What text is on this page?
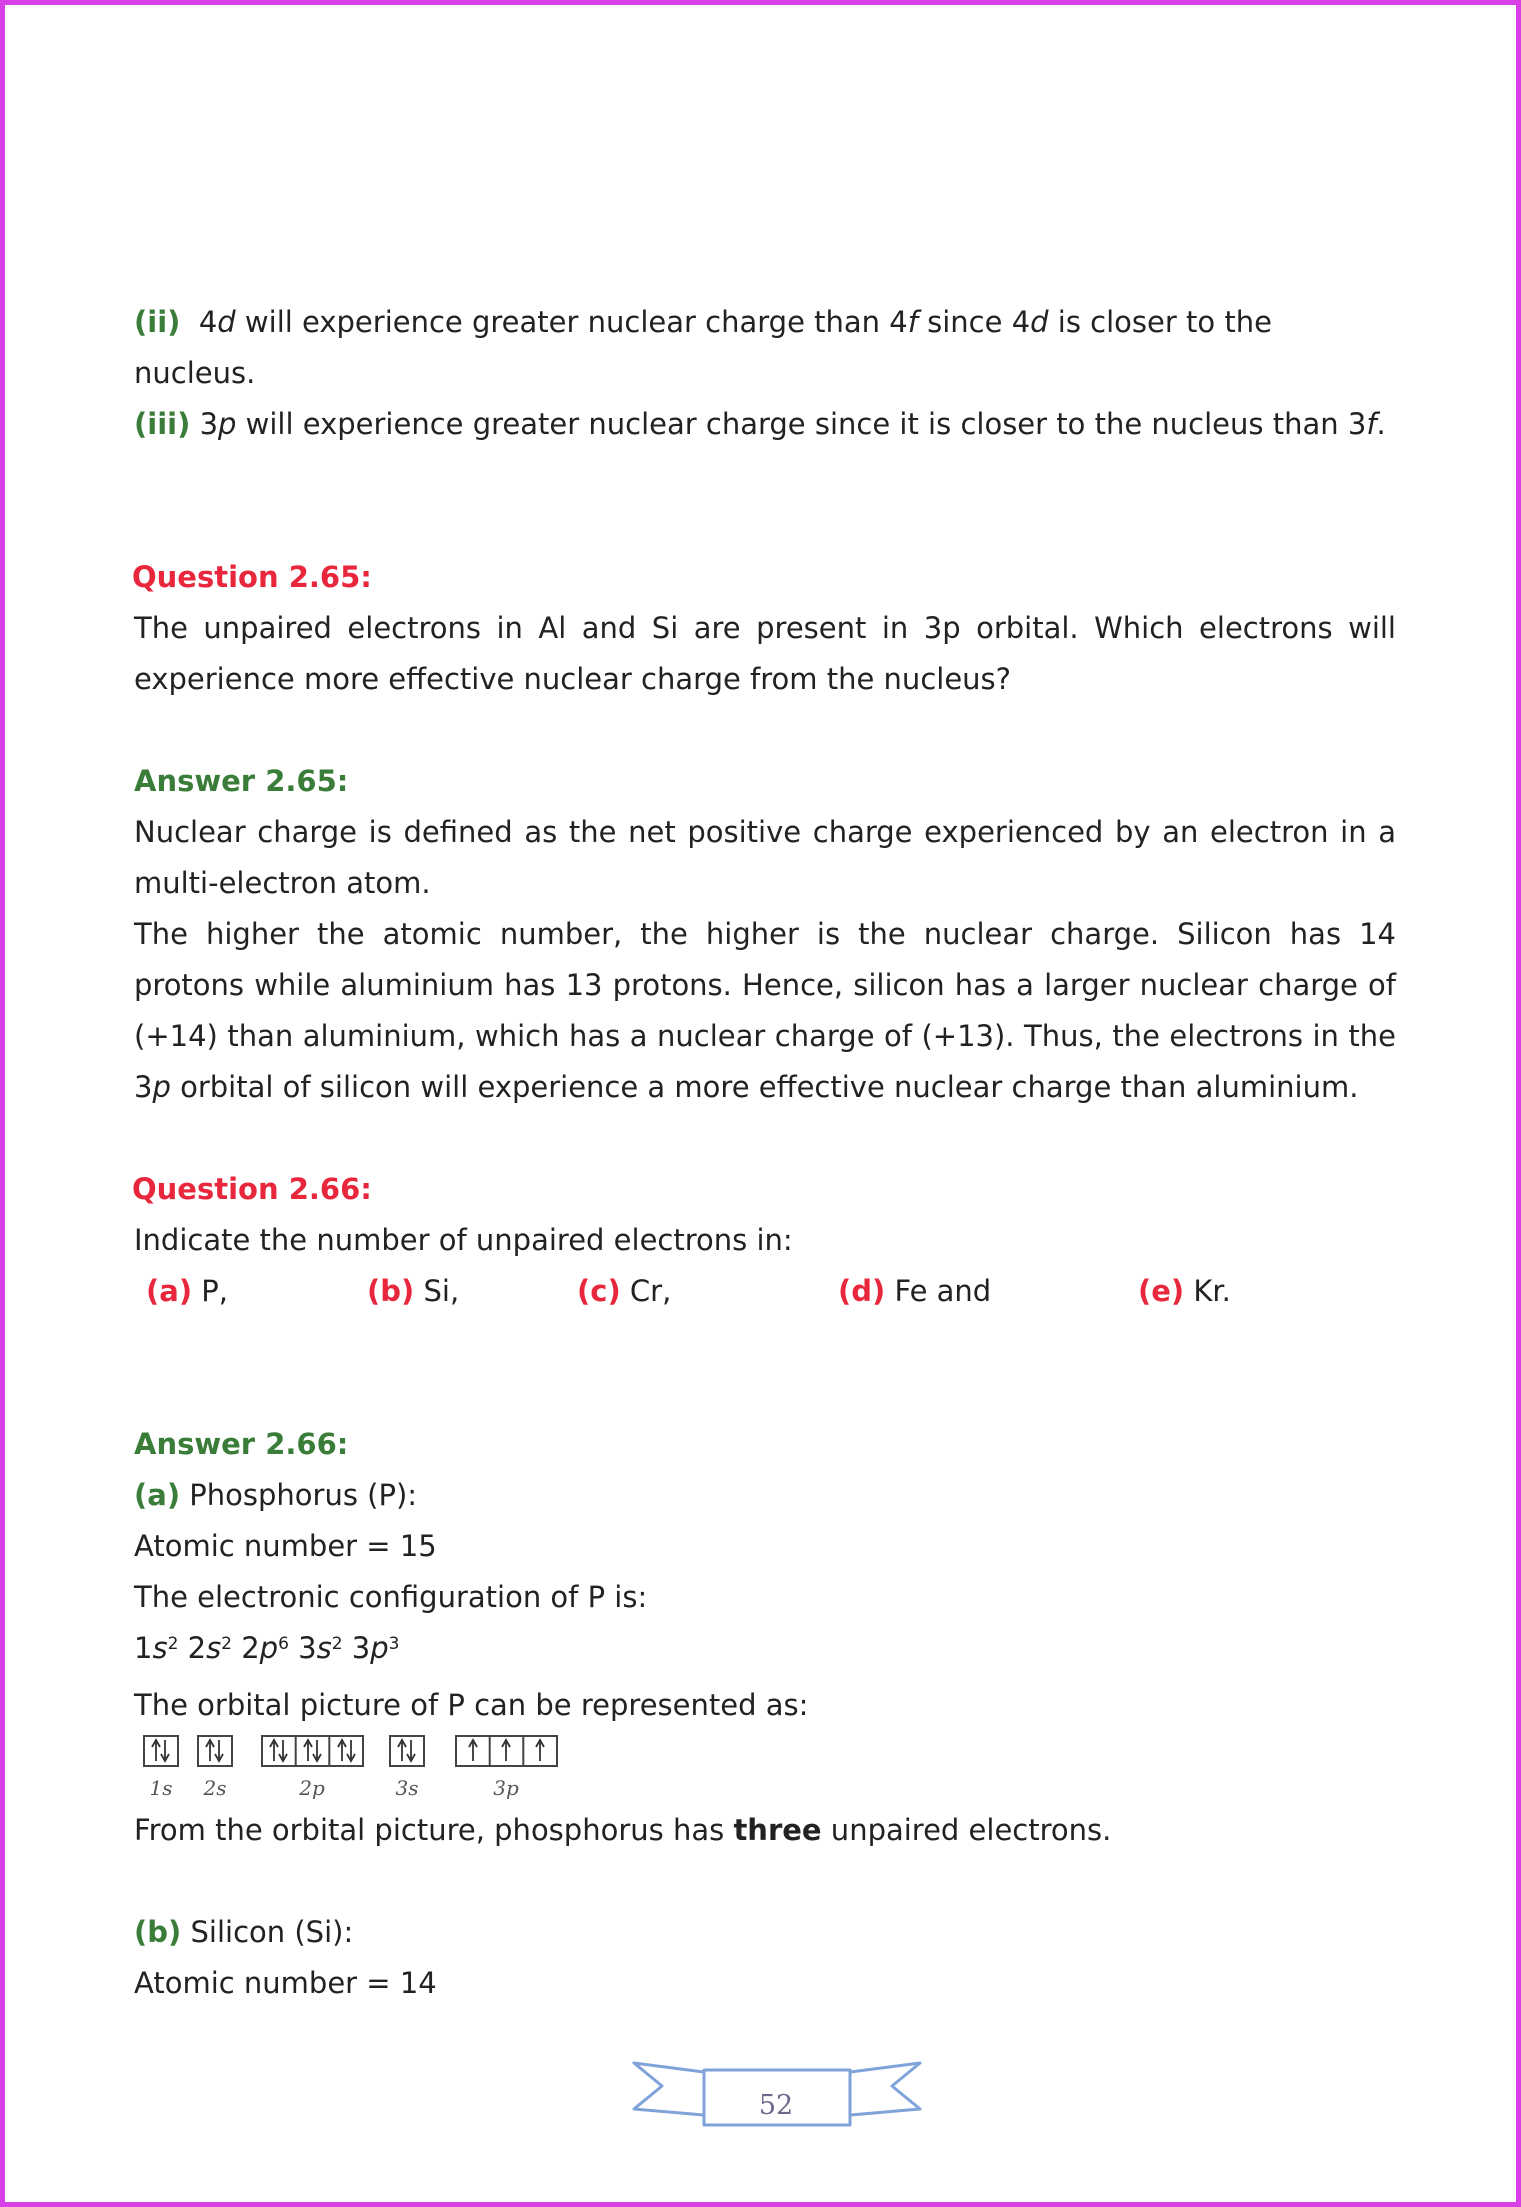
(ii) 4d will experience greater nuclear charge than 4f since 4d is closer to the nucleus.
(iii) 3p will experience greater nuclear charge since it is closer to the nucleus than 3f.
Question 2.65:
The unpaired electrons in Al and Si are present in 3p orbital. Which electrons will experience more effective nuclear charge from the nucleus?
Answer 2.65:
Nuclear charge is defined as the net positive charge experienced by an electron in a multi-electron atom.
The higher the atomic number, the higher is the nuclear charge. Silicon has 14 protons while aluminium has 13 protons. Hence, silicon has a larger nuclear charge of (+14) than aluminium, which has a nuclear charge of (+13). Thus, the electrons in the 3p orbital of silicon will experience a more effective nuclear charge than aluminium.
Question 2.66:
Indicate the number of unpaired electrons in:
(a) P,	(b) Si,	(c) Cr,	(d) Fe and	(e) Kr.
Answer 2.66:
(a) Phosphorus (P):
Atomic number = 15
The electronic configuration of P is:
$1s^2$ $2s^2$ $2p^6$ $3s^2$ $3p^3$
The orbital picture of P can be represented as:
1s 2s	2p	3s	3p
From the orbital picture, phosphorus has three unpaired electrons.
(b) Silicon (Si):
Atomic number = 14
52
